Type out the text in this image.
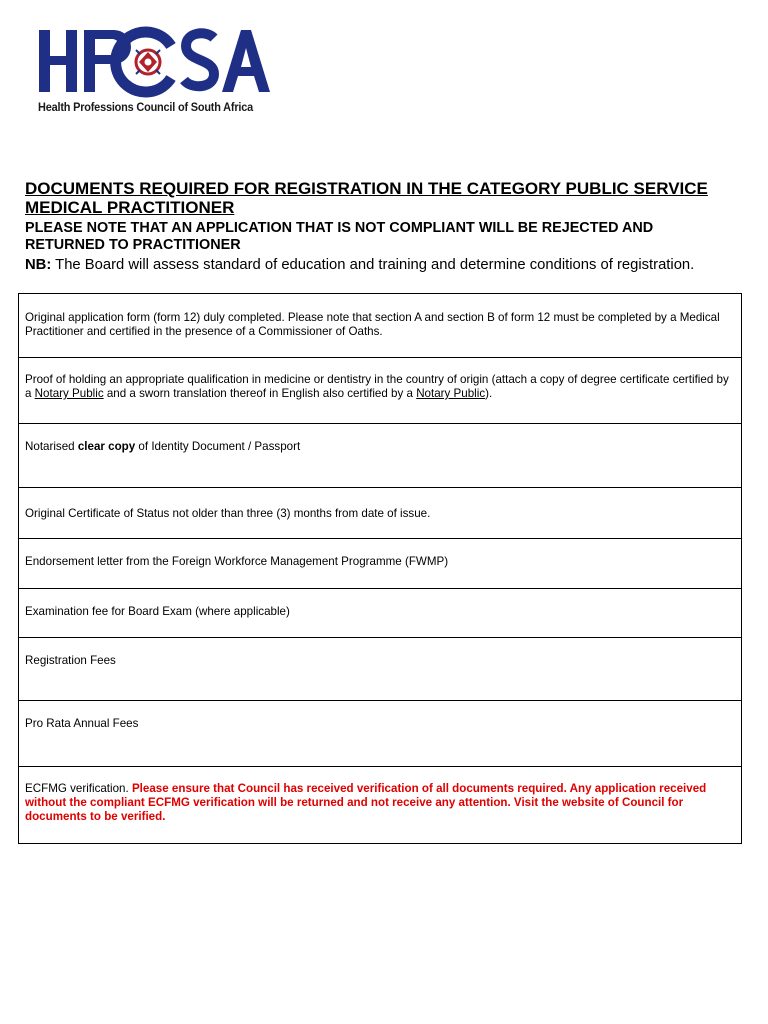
Health Professions Council of South Africa
DOCUMENTS REQUIRED FOR REGISTRATION IN THE CATEGORY PUBLIC SERVICE MEDICAL PRACTITIONER
PLEASE NOTE THAT AN APPLICATION THAT IS NOT COMPLIANT WILL BE REJECTED AND RETURNED TO PRACTITIONER
NB: The Board will assess standard of education and training and determine conditions of registration.
Original application form (form 12) duly completed. Please note that section A and section B of form 12 must be completed by a Medical Practitioner and certified in the presence of a Commissioner of Oaths.
Proof of holding an appropriate qualification in medicine or dentistry in the country of origin (attach a copy of degree certificate certified by a Notary Public and a sworn translation thereof in English also certified by a Notary Public).
Notarised clear copy of Identity Document / Passport
Original Certificate of Status not older than three (3) months from date of issue.
Endorsement letter from the Foreign Workforce Management Programme (FWMP)
Examination fee for Board Exam (where applicable)
Registration Fees
Pro Rata Annual Fees
ECFMG verification. Please ensure that Council has received verification of all documents required. Any application received without the compliant ECFMG verification will be returned and not receive any attention. Visit the website of Council for documents to be verified.
